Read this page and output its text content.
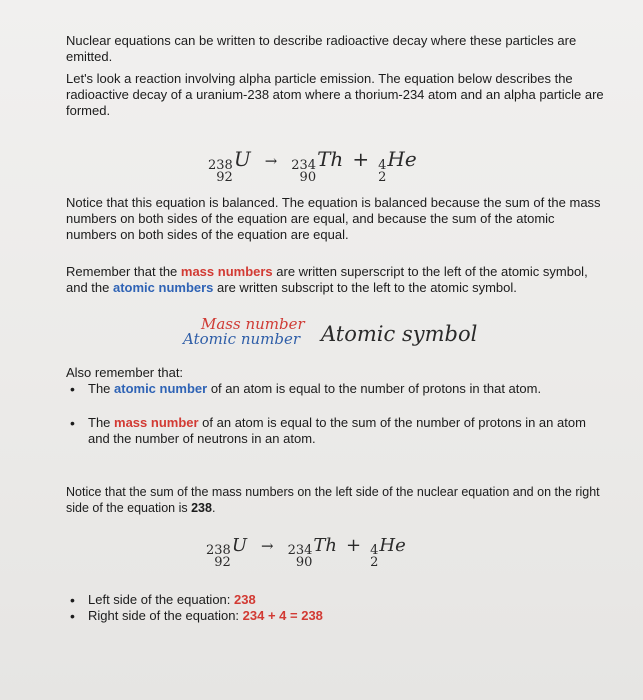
Nuclear equations can be written to describe radioactive decay where these particles are emitted.

Let's look a reaction involving alpha particle emission. The equation below describes the radioactive decay of a uranium-238 atom where a thorium-234 atom and an alpha particle are formed.

238
92
U → 234
90
Th + 4
2
He

Notice that this equation is balanced. The equation is balanced because the sum of the mass numbers on both sides of the equation are equal, and because the sum of the atomic numbers on both sides of the equation are equal.

Remember that the mass numbers are written superscript to the left of the atomic symbol, and the atomic numbers are written subscript to the left to the atomic symbol.

Mass number
Atomic number Atomic symbol

Also remember that:

• The atomic number of an atom is equal to the number of protons in that atom.
• The mass number of an atom is equal to the sum of the number of protons in an atom and the number of neutrons in an atom.

Notice that the sum of the mass numbers on the left side of the nuclear equation and on the right side of the equation is 238.

238
92
U → 234
90
Th + 4
2
He
• Left side of the equation: 238
• Right side of the equation: 234 + 4 = 238
